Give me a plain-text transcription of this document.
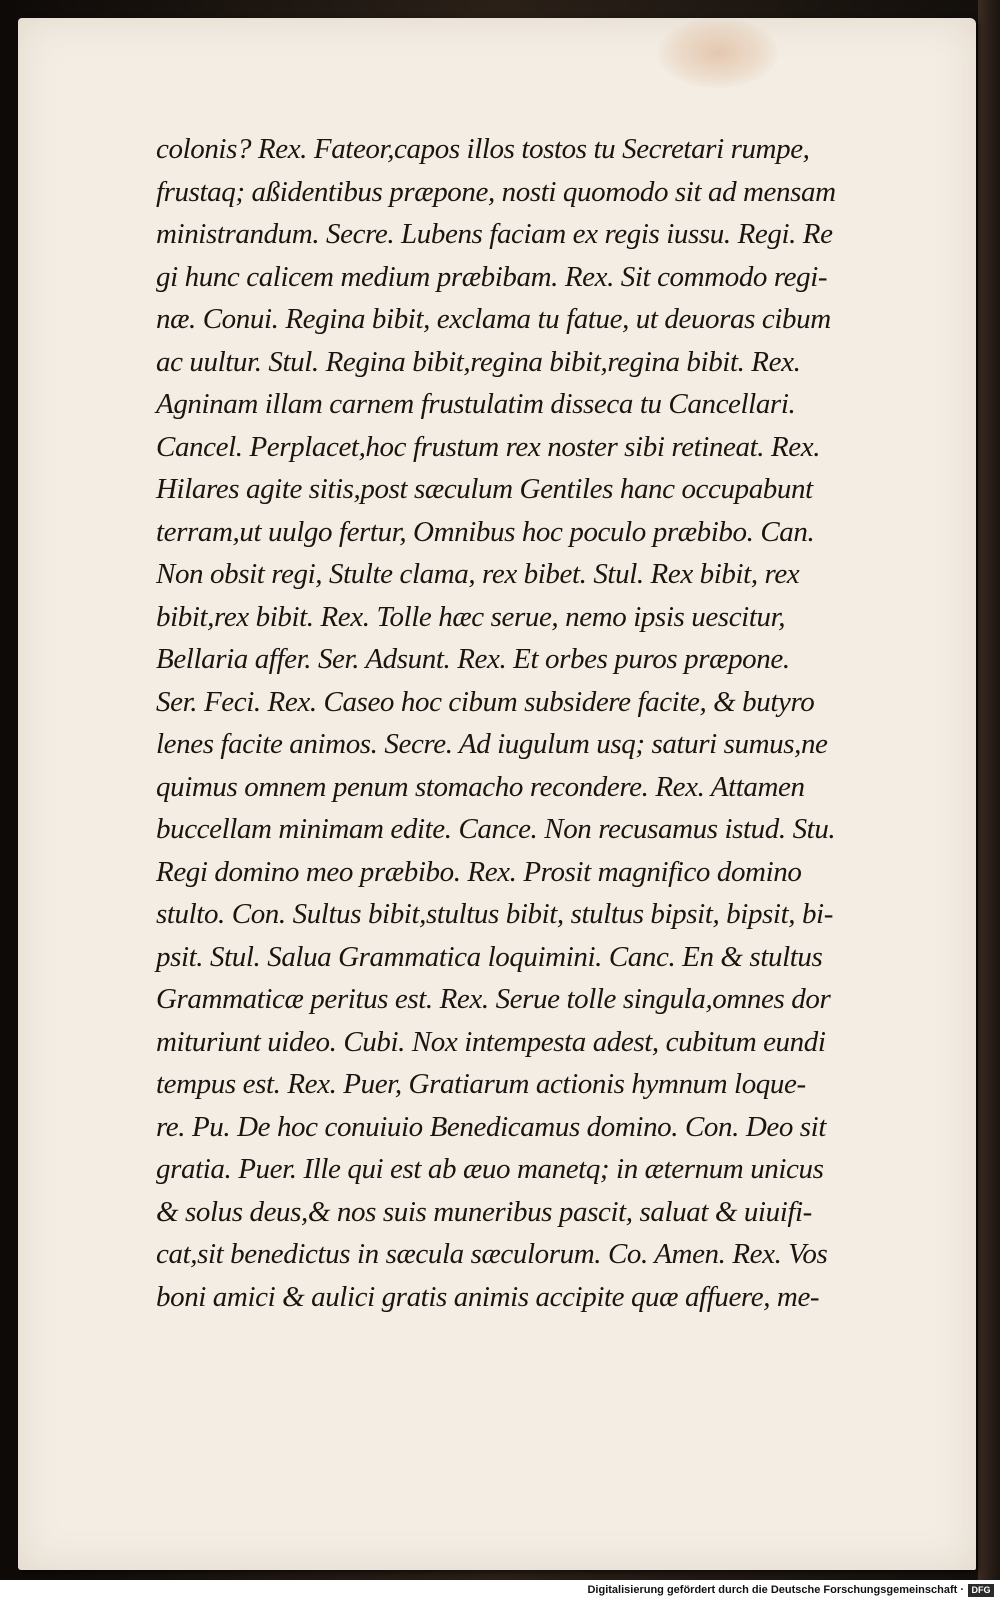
colonis? Rex. Fateor,capos illos tostos tu Secretari rumpe,
frustaq; aßidentibus præpone, nosti quomodo sit ad mensam
ministrandum. Secre. Lubens faciam ex regis iussu. Regi. Re
gi hunc calicem medium præbibam. Rex. Sit commodo regi-
næ. Conui. Regina bibit, exclama tu fatue, ut deuoras cibum
ac uultur. Stul. Regina bibit,regina bibit,regina bibit. Rex.
Agninam illam carnem frustulatim disseca tu Cancellari.
Cancel. Perplacet,hoc frustum rex noster sibi retineat. Rex.
Hilares agite sitis,post sæculum Gentiles hanc occupabunt
terram,ut uulgo fertur, Omnibus hoc poculo præbibo. Can.
Non obsit regi, Stulte clama, rex bibet. Stul. Rex bibit, rex
bibit,rex bibit. Rex. Tolle hæc serue, nemo ipsis uescitur,
Bellaria affer. Ser. Adsunt. Rex. Et orbes puros præpone.
Ser. Feci. Rex. Caseo hoc cibum subsidere facite, & butyro
lenes facite animos. Secre. Ad iugulum usq; saturi sumus,ne
quimus omnem penum stomacho recondere. Rex. Attamen
buccellam minimam edite. Cance. Non recusamus istud. Stu.
Regi domino meo præbibo. Rex. Prosit magnifico domino
stulto. Con. Sultus bibit,stultus bibit, stultus bipsit, bipsit, bi-
psit. Stul. Salua Grammatica loquimini. Canc. En & stultus
Grammaticæ peritus est. Rex. Serue tolle singula,omnes dor
mituriunt uideo. Cubi. Nox intempesta adest, cubitum eundi
tempus est. Rex. Puer, Gratiarum actionis hymnum loque-
re. Pu. De hoc conuiuio Benedicamus domino. Con. Deo sit
gratia. Puer. Ille qui est ab æuo manetq; in æternum unicus
& solus deus,& nos suis muneribus pascit, saluat & uiuifi-
cat,sit benedictus in sæcula sæculorum. Co. Amen. Rex. Vos
boni amici & aulici gratis animis accipite quæ affuere, me-
Digitalisierung gefördert durch die Deutsche Forschungsgemeinschaft · DFG
